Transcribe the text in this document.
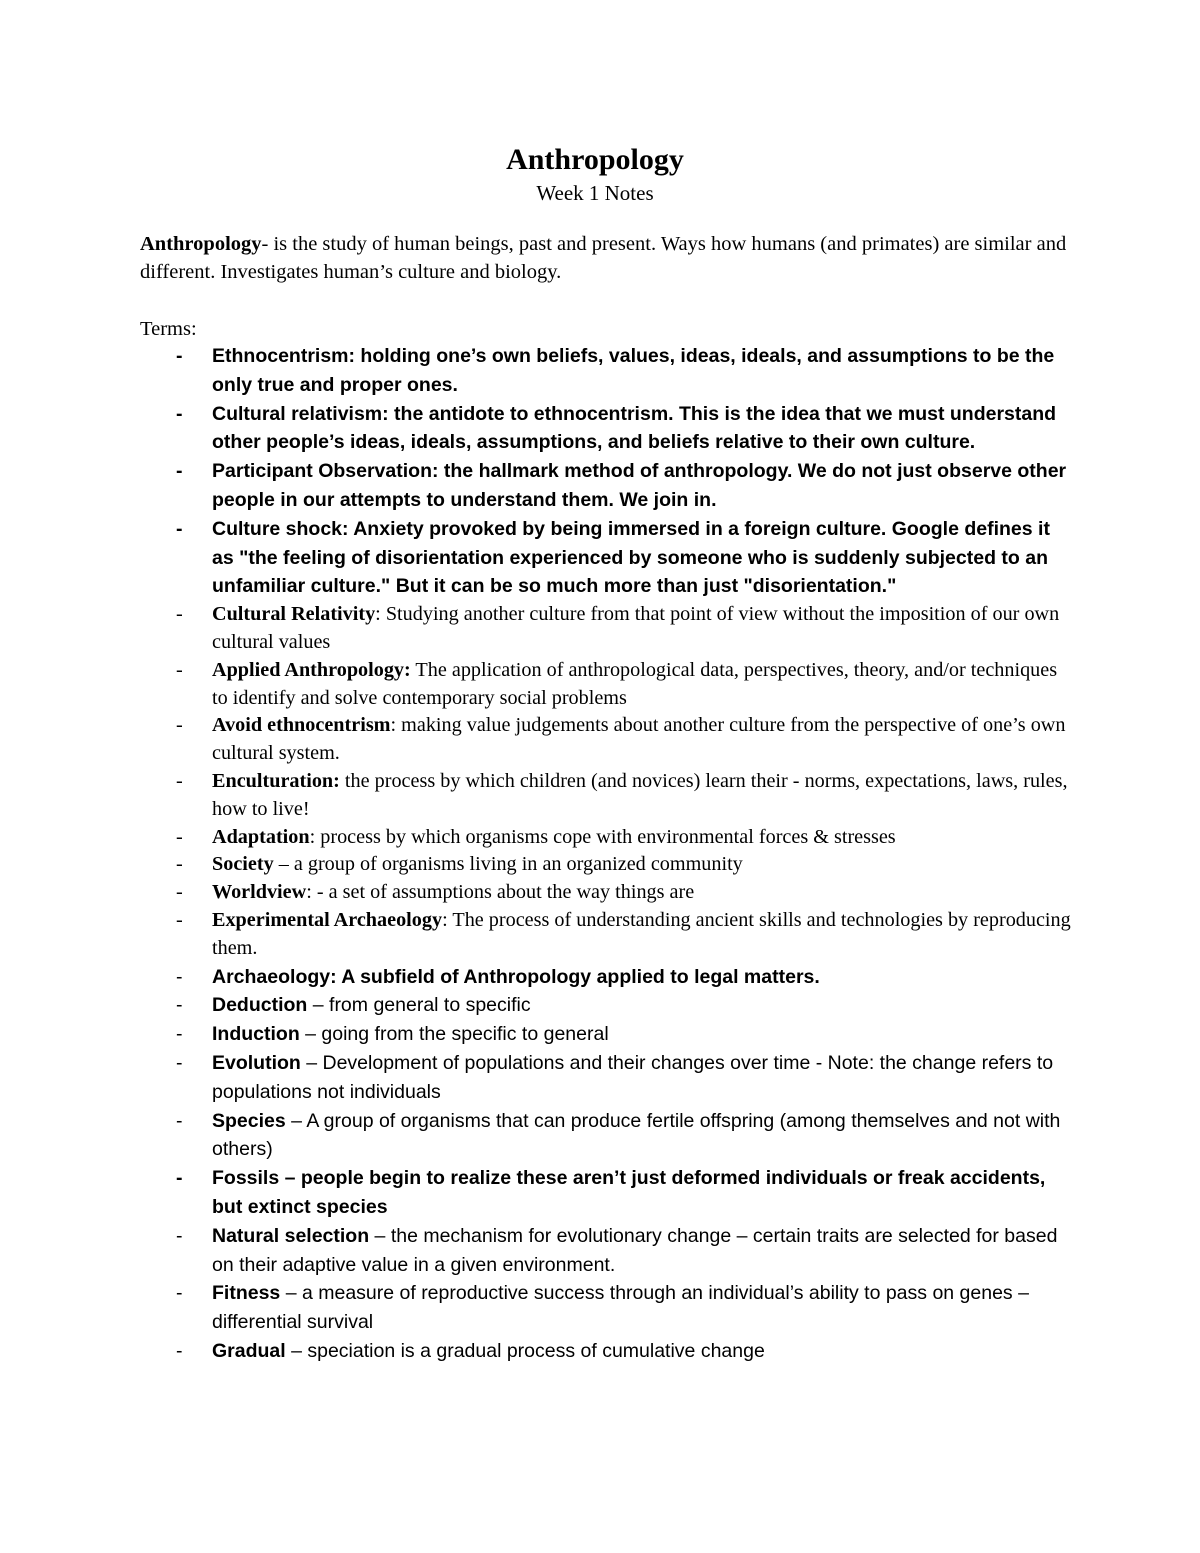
Anthropology
Week 1 Notes

Anthropology- is the study of human beings, past and present. Ways how humans (and primates) are similar and different. Investigates human’s culture and biology.

Terms:
- Ethnocentrism: holding one’s own beliefs, values, ideas, ideals, and assumptions to be the only true and proper ones.
- Cultural relativism: the antidote to ethnocentrism. This is the idea that we must understand other people’s ideas, ideals, assumptions, and beliefs relative to their own culture.
- Participant Observation: the hallmark method of anthropology. We do not just observe other people in our attempts to understand them. We join in.
- Culture shock: Anxiety provoked by being immersed in a foreign culture. Google defines it as "the feeling of disorientation experienced by someone who is suddenly subjected to an unfamiliar culture." But it can be so much more than just "disorientation."
- Cultural Relativity: Studying another culture from that point of view without the imposition of our own cultural values
- Applied Anthropology: The application of anthropological data, perspectives, theory, and/or techniques to identify and solve contemporary social problems
- Avoid ethnocentrism: making value judgements about another culture from the perspective of one’s own cultural system.
- Enculturation: the process by which children (and novices) learn their - norms, expectations, laws, rules, how to live!
- Adaptation: process by which organisms cope with environmental forces & stresses
- Society – a group of organisms living in an organized community
- Worldview: - a set of assumptions about the way things are
- Experimental Archaeology: The process of understanding ancient skills and technologies by reproducing them.
- Archaeology: A subfield of Anthropology applied to legal matters.
- Deduction – from general to specific
- Induction – going from the specific to general
- Evolution – Development of populations and their changes over time - Note: the change refers to populations not individuals
- Species – A group of organisms that can produce fertile offspring (among themselves and not with others)
- Fossils – people begin to realize these aren’t just deformed individuals or freak accidents, but extinct species
- Natural selection – the mechanism for evolutionary change – certain traits are selected for based on their adaptive value in a given environment.
- Fitness – a measure of reproductive success through an individual’s ability to pass on genes – differential survival
- Gradual – speciation is a gradual process of cumulative change
